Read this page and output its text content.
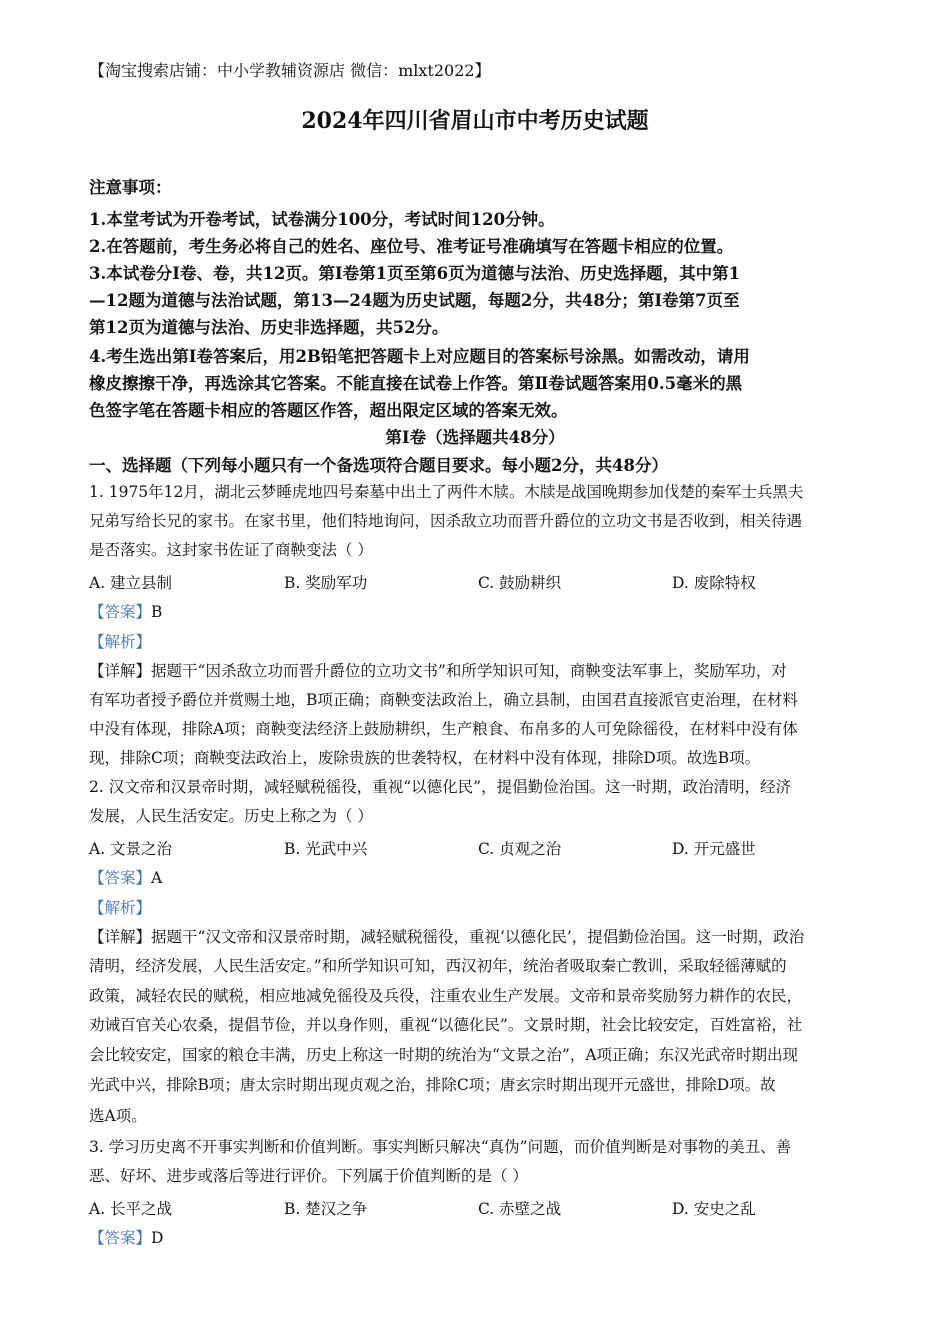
【淘宝搜索店铺：中小学教辅资源店 微信：mlxt2022】
2024年四川省眉山市中考历史试题
注意事项：
1.本堂考试为开卷考试，试卷满分100分，考试时间120分钟。
2.在答题前，考生务必将自己的姓名、座位号、准考证号准确填写在答题卡相应的位置。
3.本试卷分I卷、卷，共12页。第I卷第1页至第6页为道德与法治、历史选择题，其中第1
—12题为道德与法治试题，第13—24题为历史试题，每题2分，共48分；第I卷第7页至
第12页为道德与法治、历史非选择题，共52分。
4.考生选出第I卷答案后，用2B铅笔把答题卡上对应题目的答案标号涂黑。如需改动，请用
橡皮擦擦干净，再选涂其它答案。不能直接在试卷上作答。第Ⅱ卷试题答案用0.5毫米的黑
色签字笔在答题卡相应的答题区作答，超出限定区域的答案无效。
第I卷（选择题共48分）
一、选择题（下列每小题只有一个备选项符合题目要求。每小题2分，共48分）
1. 1975年12月，湖北云梦睡虎地四号秦墓中出土了两件木牍。木牍是战国晚期参加伐楚的秦军士兵黑夫
兄弟写给长兄的家书。在家书里，他们特地询问，因杀敌立功而晋升爵位的立功文书是否收到，相关待遇
是否落实。这封家书佐证了商鞅变法（ ）
A. 建立县制	B. 奖励军功	C. 鼓励耕织	D. 废除特权
【答案】B
【解析】
【详解】据题干“因杀敌立功而晋升爵位的立功文书”和所学知识可知，商鞅变法军事上，奖励军功，对
有军功者授予爵位并赏赐土地，B项正确；商鞅变法政治上，确立县制，由国君直接派官吏治理，在材料
中没有体现，排除A项；商鞅变法经济上鼓励耕织，生产粮食、布帛多的人可免除徭役，在材料中没有体
现，排除C项；商鞅变法政治上，废除贵族的世袭特权，在材料中没有体现，排除D项。故选B项。
2. 汉文帝和汉景帝时期，减轻赋税徭役，重视“以德化民”，提倡勤俭治国。这一时期，政治清明，经济
发展，人民生活安定。历史上称之为（ ）
A. 文景之治	B. 光武中兴	C. 贞观之治	D. 开元盛世
【答案】A
【解析】
【详解】据题干“汉文帝和汉景帝时期，减轻赋税徭役，重视‘以德化民’，提倡勤俭治国。这一时期，政治
清明，经济发展，人民生活安定。”和所学知识可知，西汉初年，统治者吸取秦亡教训，采取轻徭薄赋的
政策，减轻农民的赋税，相应地减免徭役及兵役，注重农业生产发展。文帝和景帝奖励努力耕作的农民，
劝诫百官关心农桑，提倡节俭，并以身作则，重视“以德化民”。文景时期，社会比较安定，百姓富裕，社
会比较安定，国家的粮仓丰满，历史上称这一时期的统治为“文景之治”，A项正确；东汉光武帝时期出现
光武中兴，排除B项；唐太宗时期出现贞观之治，排除C项；唐玄宗时期出现开元盛世，排除D项。故
选A项。
3. 学习历史离不开事实判断和价值判断。事实判断只解决“真伪”问题，而价值判断是对事物的美丑、善
恶、好坏、进步或落后等进行评价。下列属于价值判断的是（ ）
A. 长平之战	B. 楚汉之争	C. 赤壁之战	D. 安史之乱
【答案】D
